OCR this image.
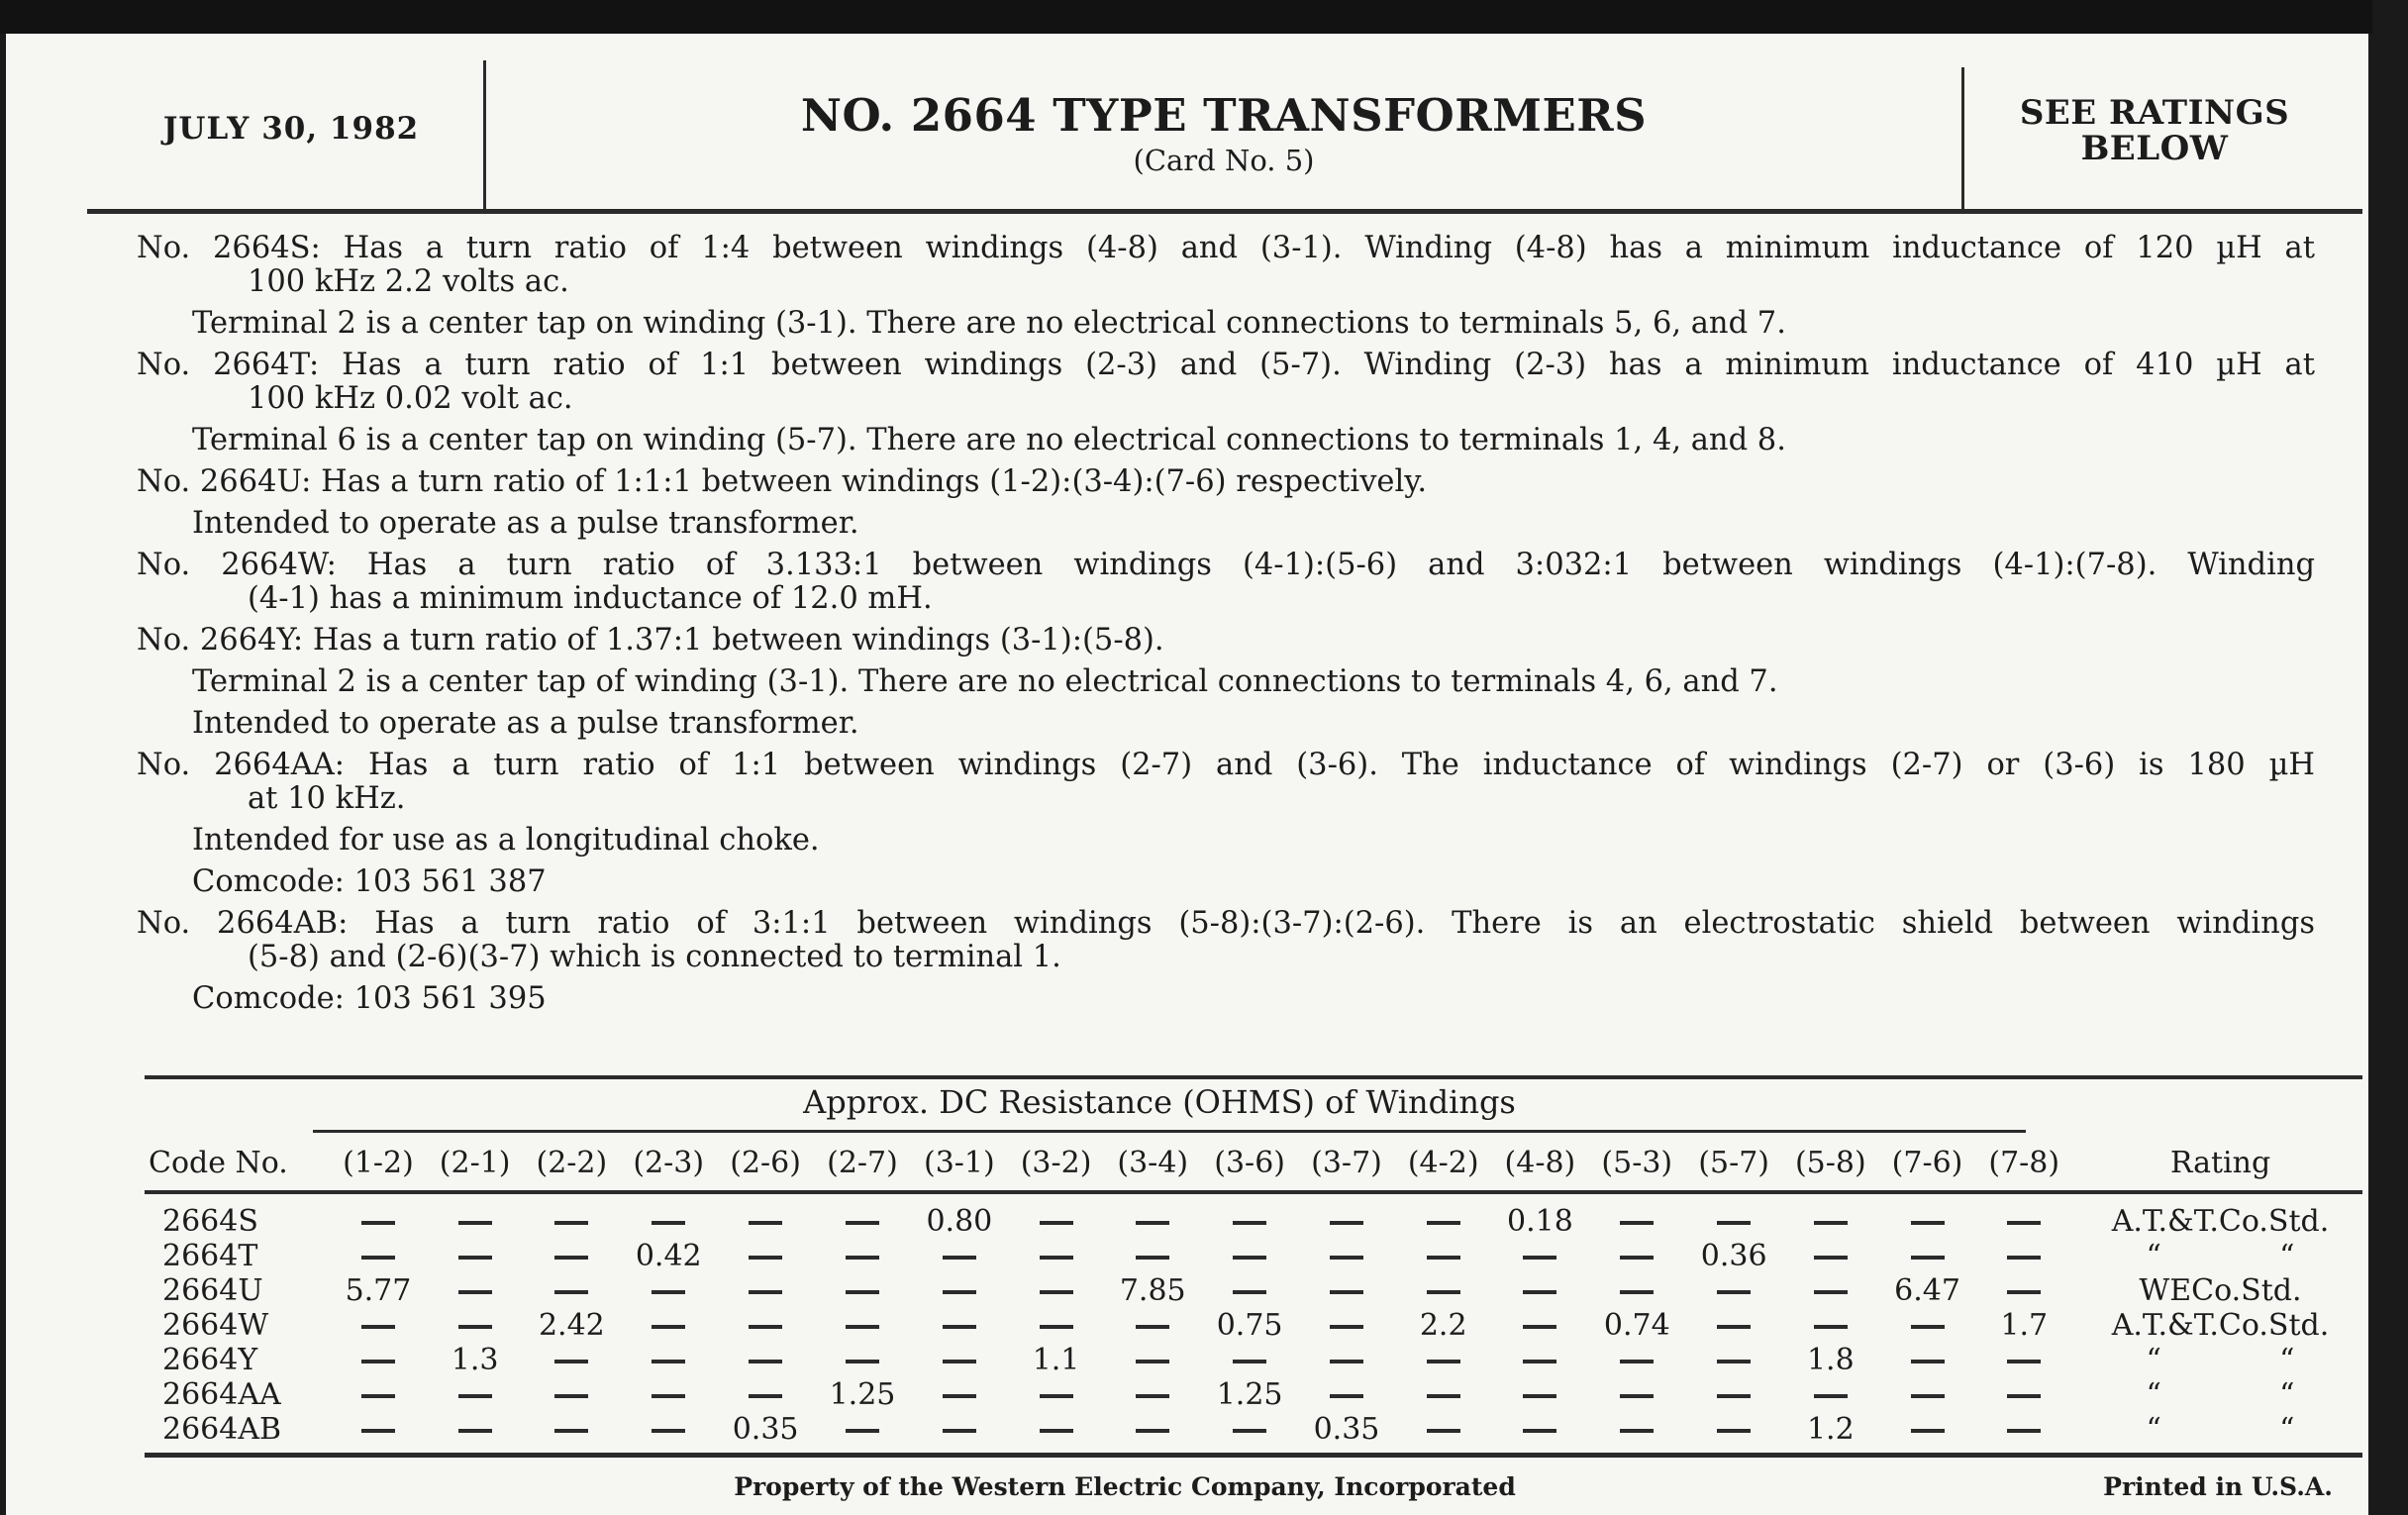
JULY 30, 1982	NO. 2664 TYPE TRANSFORMERS
(Card No. 5)
SEE RATINGS
BELOW
No. 2664S: Has a turn ratio of 1:4 between windings (4-8) and (3-1). Winding (4-8) has a minimum inductance of 120 µH at
100 kHz 2.2 volts ac.
Terminal 2 is a center tap on winding (3-1). There are no electrical connections to terminals 5, 6, and 7.
No. 2664T: Has a turn ratio of 1:1 between windings (2-3) and (5-7). Winding (2-3) has a minimum inductance of 410 µH at
100 kHz 0.02 volt ac.
Terminal 6 is a center tap on winding (5-7). There are no electrical connections to terminals 1, 4, and 8.
No. 2664U: Has a turn ratio of 1:1:1 between windings (1-2):(3-4):(7-6) respectively.
Intended to operate as a pulse transformer.
No. 2664W: Has a turn ratio of 3.133:1 between windings (4-1):(5-6) and 3:032:1 between windings (4-1):(7-8). Winding
(4-1) has a minimum inductance of 12.0 mH.
No. 2664Y: Has a turn ratio of 1.37:1 between windings (3-1):(5-8).
Terminal 2 is a center tap of winding (3-1). There are no electrical connections to terminals 4, 6, and 7.
Intended to operate as a pulse transformer.
No. 2664AA: Has a turn ratio of 1:1 between windings (2-7) and (3-6). The inductance of windings (2-7) or (3-6) is 180 µH
at 10 kHz.
Intended for use as a longitudinal choke.
Comcode: 103 561 387
No. 2664AB: Has a turn ratio of 3:1:1 between windings (5-8):(3-7):(2-6). There is an electrostatic shield between windings
(5-8) and (2-6)(3-7) which is connected to terminal 1.
Comcode: 103 561 395
Approx. DC Resistance (OHMS) of Windings
Code No.	(1-2)	(2-1)	(2-2)	(2-3)	(2-6)	(2-7)	(3-1)	(3-2)	(3-4)	(3-6)	(3-7)	(4-2)	(4-8)	(5-3)	(5-7)	(5-8)	(7-6)	(7-8)	Rating
2664S							0.80						0.18						A.T.&T.Co.Std.
2664T				0.42											0.36				“ “

2664U	5.77								7.85								6.47		WECo.Std.
2664W			2.42							0.75		2.2		0.74				1.7	A.T.&T.Co.Std.
2664Y		1.3						1.1								1.8			“ “

2664AA						1.25				1.25									“ “

2664AB					0.35						0.35					1.2			“ “
Property of the Western Electric Company, Incorporated	Printed in U.S.A.
